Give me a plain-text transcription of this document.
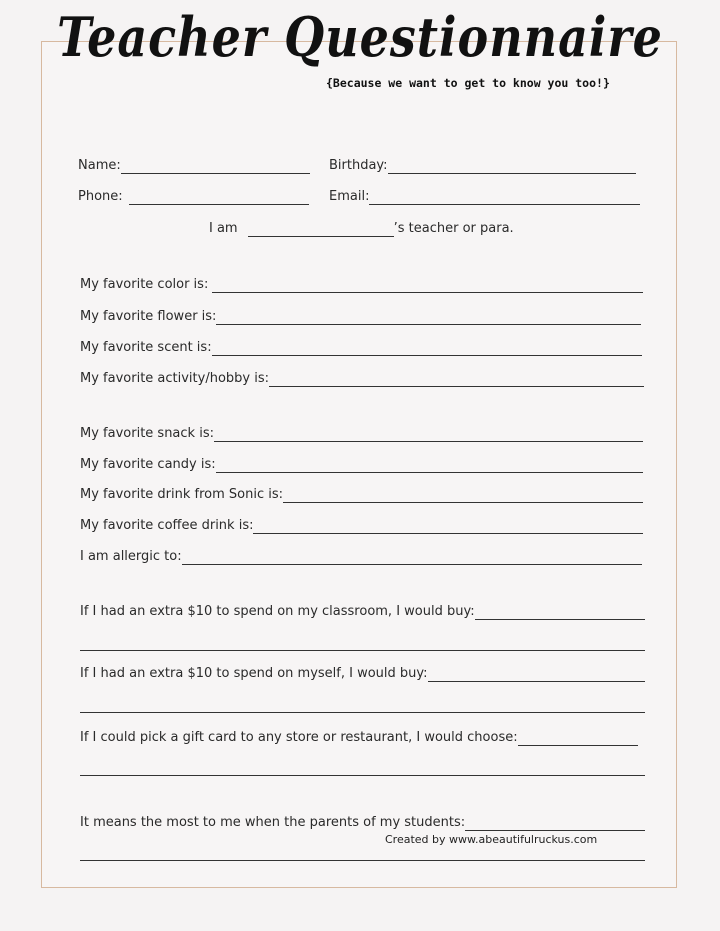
Teacher Questionnaire
{Because we want to get to know you too!}
Name:	Birthday:
Phone:	Email:
I am	’s teacher or para.
My favorite color is:
My favorite flower is:
My favorite scent is:
My favorite activity/hobby is:
My favorite snack is:
My favorite candy is:
My favorite drink from Sonic is:
My favorite coffee drink is:
I am allergic to:
If I had an extra $10 to spend on my classroom, I would buy:
If I had an extra $10 to spend on myself, I would buy:
If I could pick a gift card to any store or restaurant, I would choose:
It means the most to me when the parents of my students:
Created by www.abeautifulruckus.com
